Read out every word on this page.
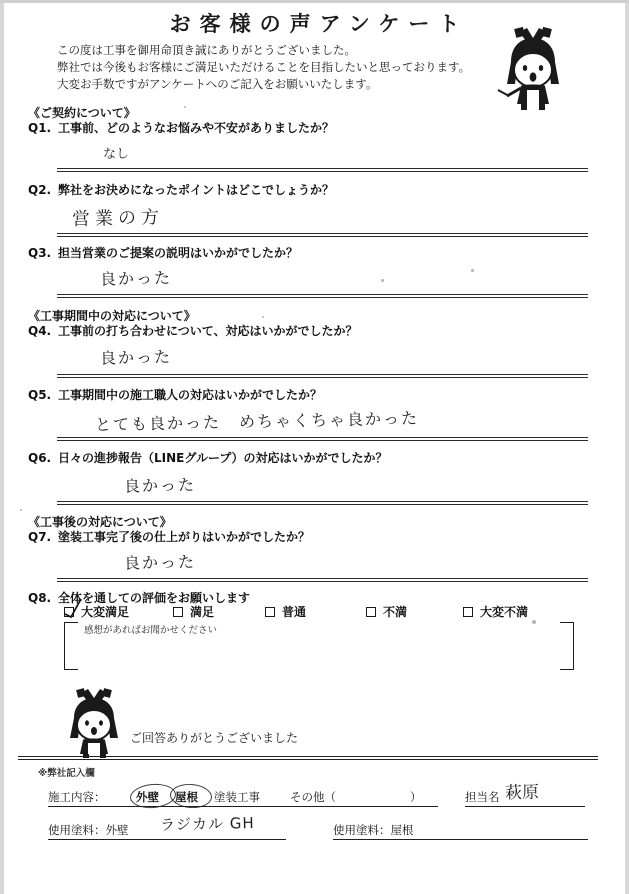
お客様の声アンケート
この度は工事を御用命頂き誠にありがとうございました。
弊社では今後もお客様にご満足いただけることを目指したいと思っております。
大変お手数ですがアンケートへのご記入をお願いいたします。
《ご契約について》
Q1. 工事前、どのようなお悩みや不安がありましたか？
なし
Q2. 弊社をお決めになったポイントはどこでしょうか？
営業の方
Q3. 担当営業のご提案の説明はいかがでしたか？
良かった
《工事期間中の対応について》
Q4. 工事前の打ち合わせについて、対応はいかがでしたか？
良かった
Q5. 工事期間中の施工職人の対応はいかがでしたか？
とても良かった　めちゃくちゃ良かった
Q6. 日々の進捗報告（LINEグループ）の対応はいかがでしたか？
良かった
《工事後の対応について》
Q7. 塗装工事完了後の仕上がりはいかがでしたか？
良かった
Q8. 全体を通しての評価をお願いします
大変満足	満足	普通	不満	大変不満
感想があればお聞かせください
ご回答ありがとうございました
※弊社記入欄
施工内容：	外壁 屋根 塗装工事	その他（	）	担当名 萩原
使用塗料：外壁 ラジカル GH	使用塗料：屋根
